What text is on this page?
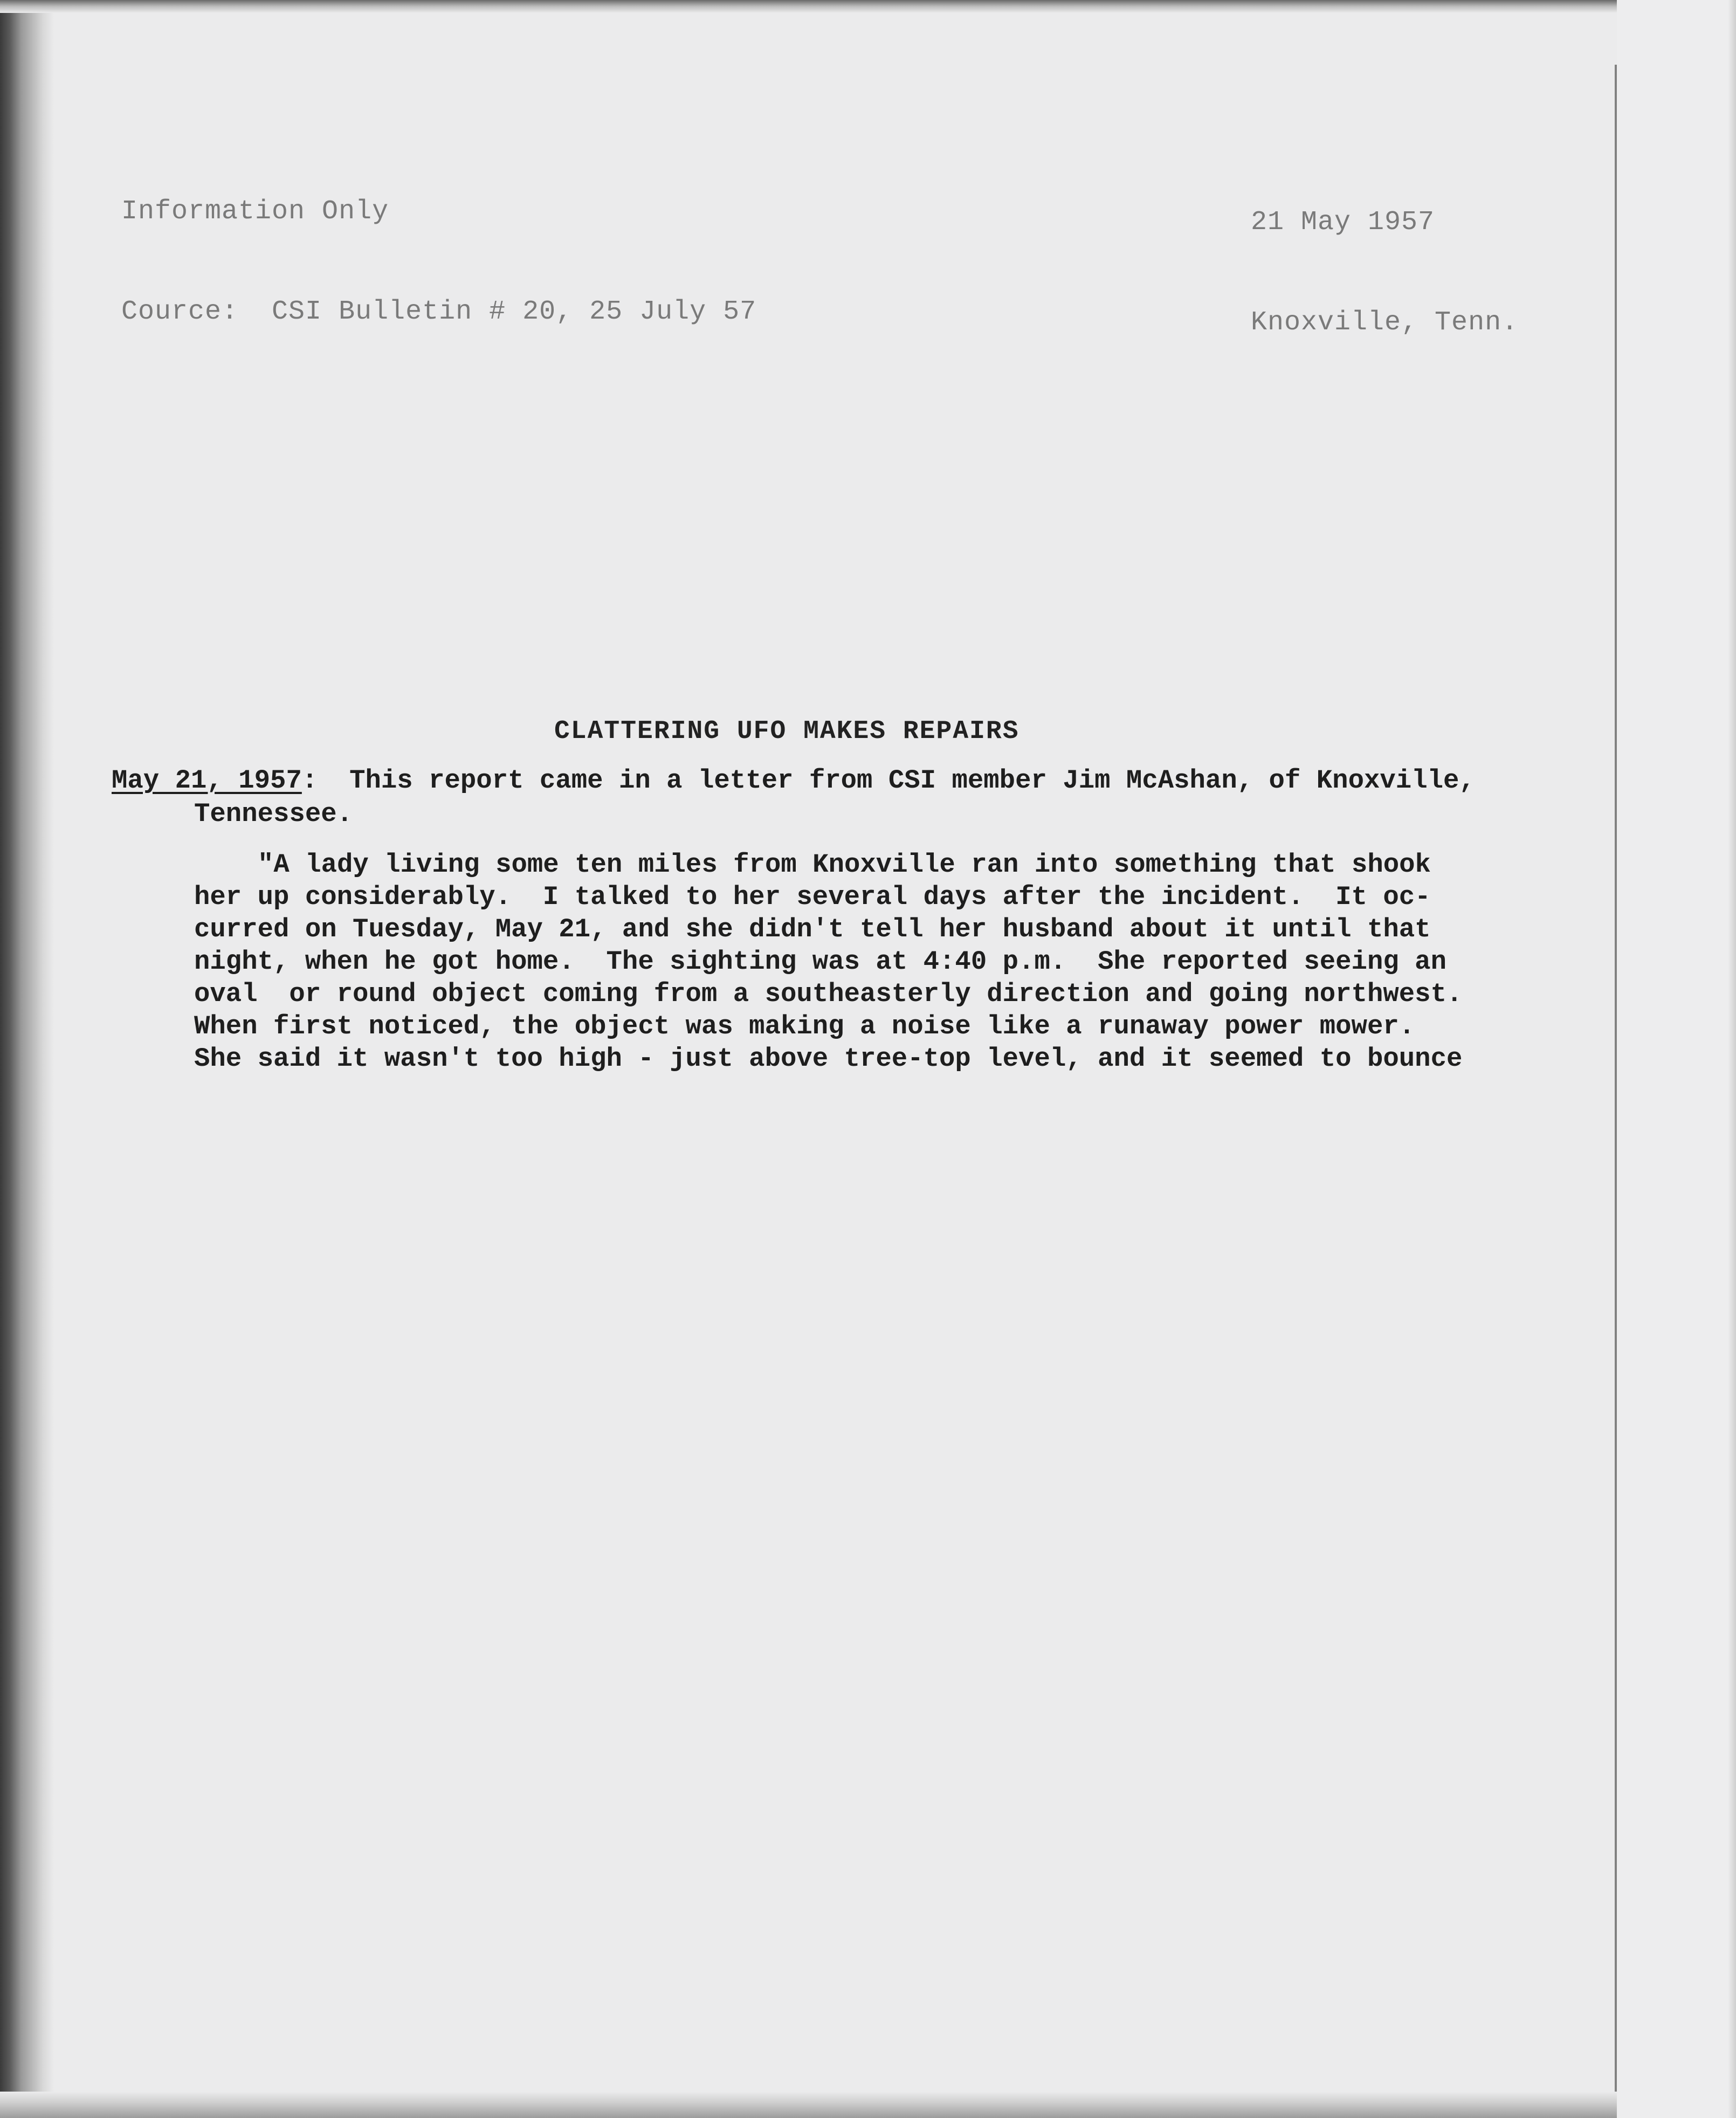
Information Only

Cource:  CSI Bulletin # 20, 25 July 57

21 May 1957

Knoxville, Tenn.

CLATTERING UFO MAKES REPAIRS
May 21, 1957:  This report came in a letter from CSI member Jim McAshan, of Knoxville,
Tennessee.
"A lady living some ten miles from Knoxville ran into something that shook
her up considerably.  I talked to her several days after the incident.  It oc-
curred on Tuesday, May 21, and she didn't tell her husband about it until that
night, when he got home.  The sighting was at 4:40 p.m.  She reported seeing an
oval  or round object coming from a southeasterly direction and going northwest.
When first noticed, the object was making a noise like a runaway power mower.
She said it wasn't too high - just above tree-top level, and it seemed to bounce
